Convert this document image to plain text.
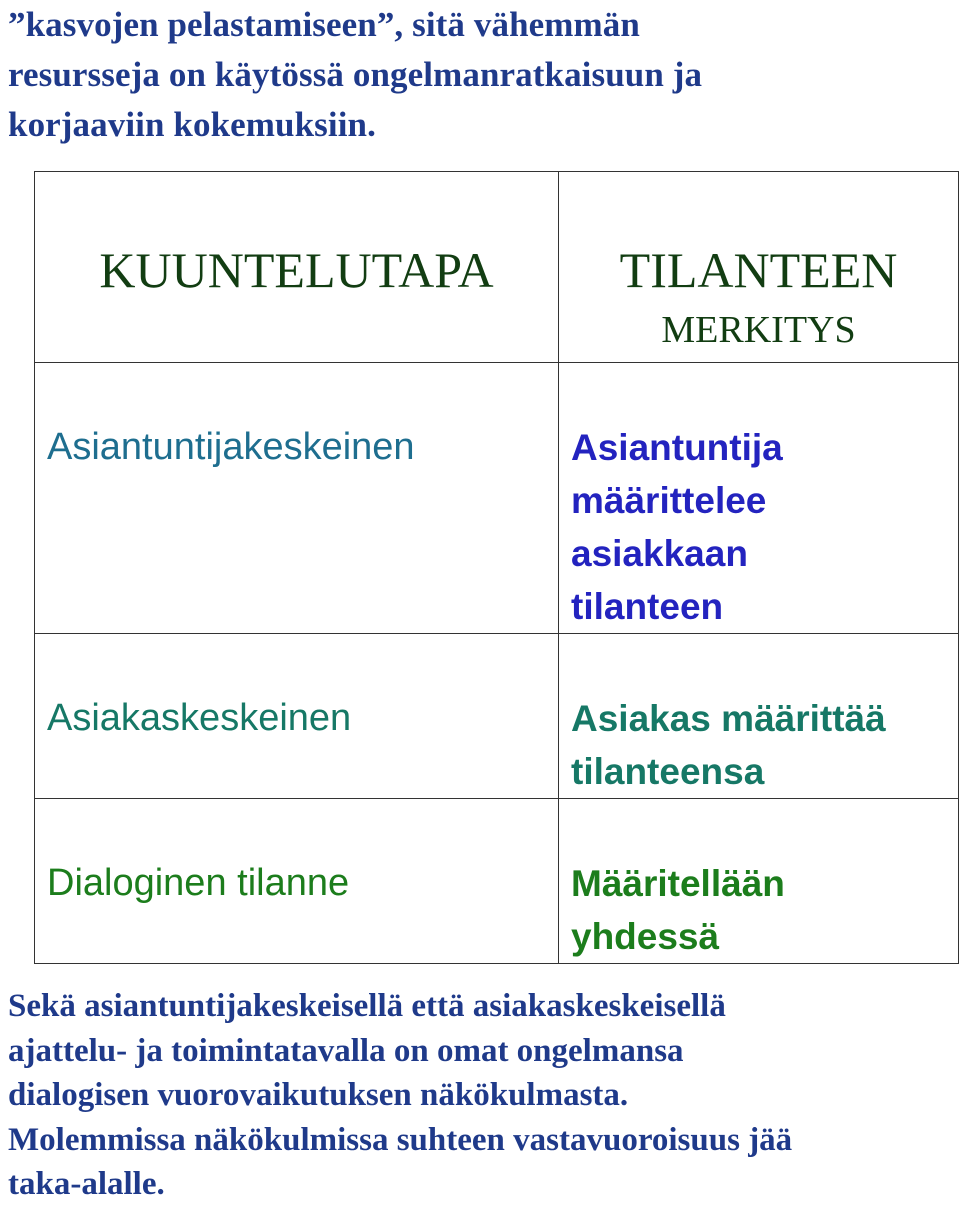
”kasvojen pelastamiseen”, sitä vähemmän
resursseja on käytössä ongelmanratkaisuun ja
korjaaviin kokemuksiin.

KUUNTELUTAPA	TILANTEEN
MERKITYS

Asiantuntijakeskeinen	Asiantuntija
määrittelee
asiakkaan
tilanteen

Asiakaskeskeinen	Asiakas määrittää
tilanteensa

Dialoginen tilanne	Määritellään
yhdessä

Sekä asiantuntijakeskeisellä että asiakaskeskeisellä
ajattelu- ja toimintatavalla on omat ongelmansa
dialogisen vuorovaikutuksen näkökulmasta.
Molemmissa näkökulmissa suhteen vastavuoroisuus jää
taka-alalle.
